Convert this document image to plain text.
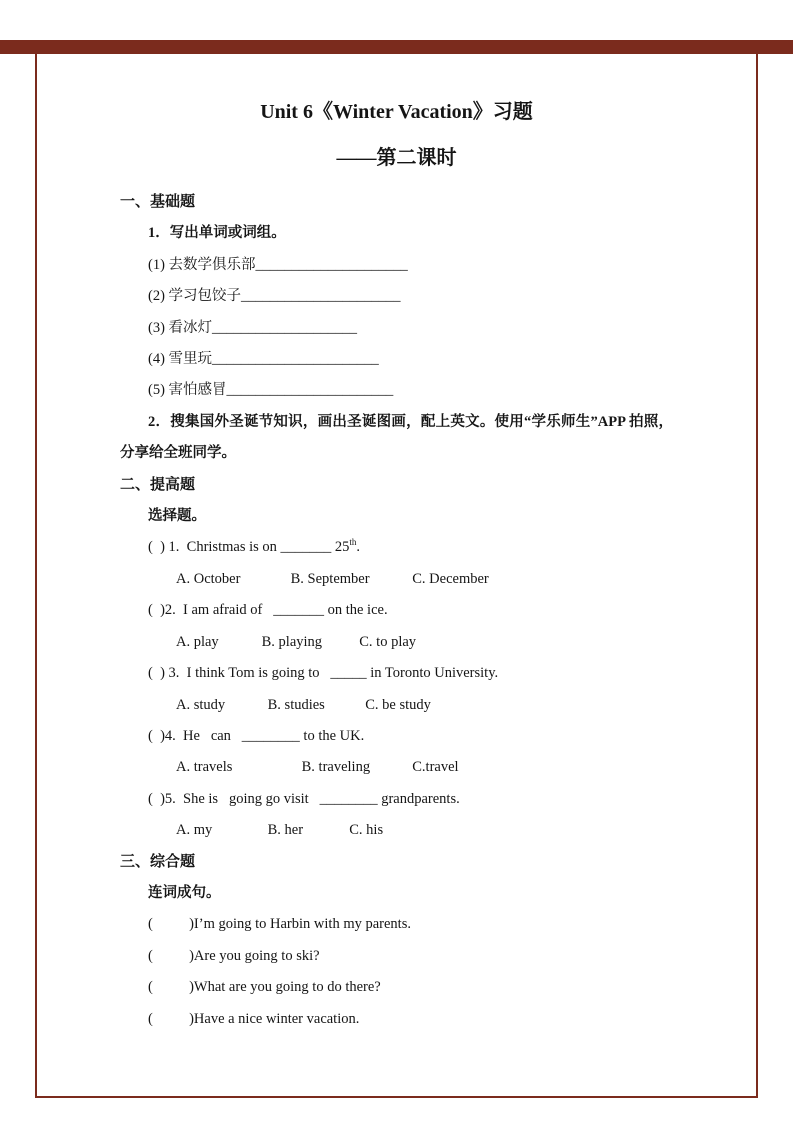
Unit 6《Winter Vacation》习题
——第二课时
一、基础题
1．写出单词或词组。
(1) 去数学俱乐部_____________________
(2) 学习包饺子______________________
(3) 看冰灯____________________
(4) 雪里玩_______________________
(5) 害怕感冒_______________________
2．搜集国外圣诞节知识，画出圣诞图画，配上英文。使用“学乐师生”APP 拍照，分享给全班同学。
二、提高题
选择题。
(  ) 1.  Christmas is on _______ 25th.
A. October	B. September	C. December
(  )2.  I am afraid of   _______ on the ice.
A. play	B. playing	C. to play
(  ) 3.  I think Tom is going to   _____ in Toronto University.
A. study	B. studies	C. be study
(  )4.  He   can   ________ to the UK.
A. travels	B. traveling	C.travel
(  )5.  She is   going go visit   ________ grandparents.
A. my	B. her	C. his
三、综合题
连词成句。
(          )I’m going to Harbin with my parents.
(          )Are you going to ski?
(          )What are you going to do there?
(          )Have a nice winter vacation.
